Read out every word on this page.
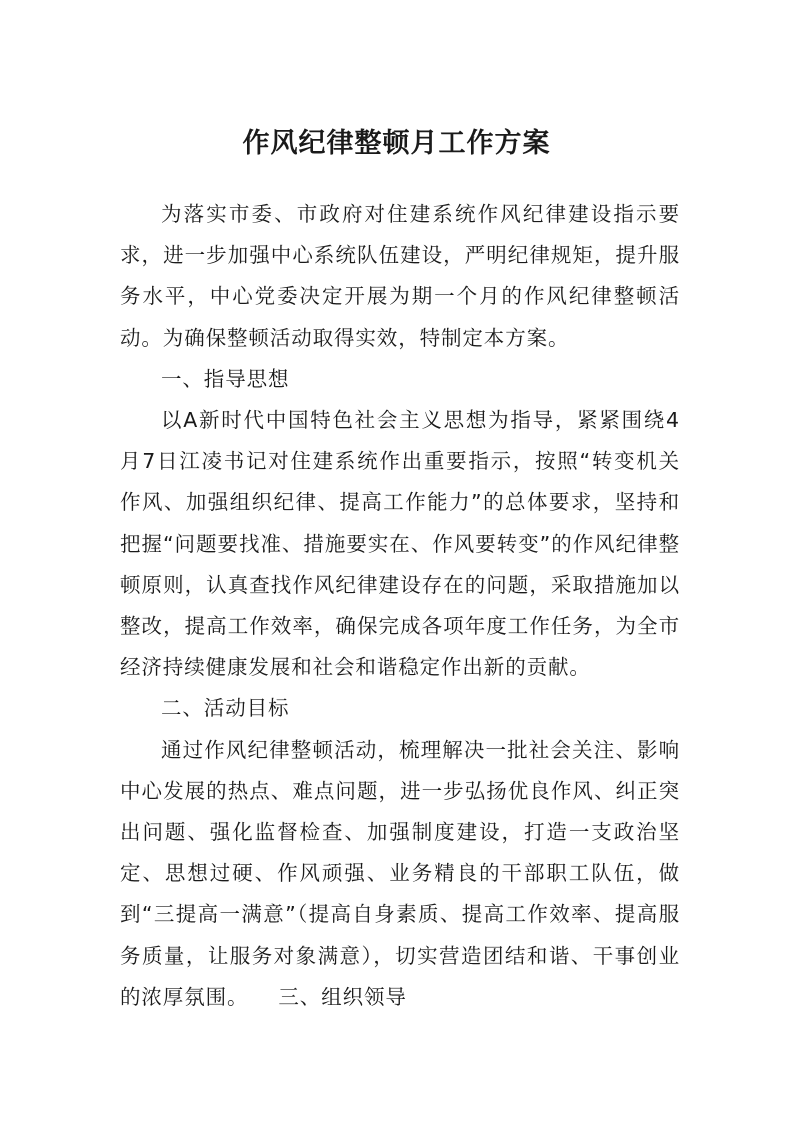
作风纪律整顿月工作方案

为落实市委、市政府对住建系统作风纪律建设指示要求，进一步加强中心系统队伍建设，严明纪律规矩，提升服务水平，中心党委决定开展为期一个月的作风纪律整顿活动。为确保整顿活动取得实效，特制定本方案。

一、指导思想

以A新时代中国特色社会主义思想为指导，紧紧围绕4月7日江凌书记对住建系统作出重要指示，按照“转变机关作风、加强组织纪律、提高工作能力”的总体要求，坚持和把握“问题要找准、措施要实在、作风要转变”的作风纪律整顿原则，认真查找作风纪律建设存在的问题，采取措施加以整改，提高工作效率，确保完成各项年度工作任务，为全市经济持续健康发展和社会和谐稳定作出新的贡献。

二、活动目标

通过作风纪律整顿活动，梳理解决一批社会关注、影响中心发展的热点、难点问题，进一步弘扬优良作风、纠正突出问题、强化监督检查、加强制度建设，打造一支政治坚定、思想过硬、作风顽强、业务精良的干部职工队伍，做到“三提高一满意”（提高自身素质、提高工作效率、提高服务质量，让服务对象满意），切实营造团结和谐、干事创业的浓厚氛围。 三、组织领导
